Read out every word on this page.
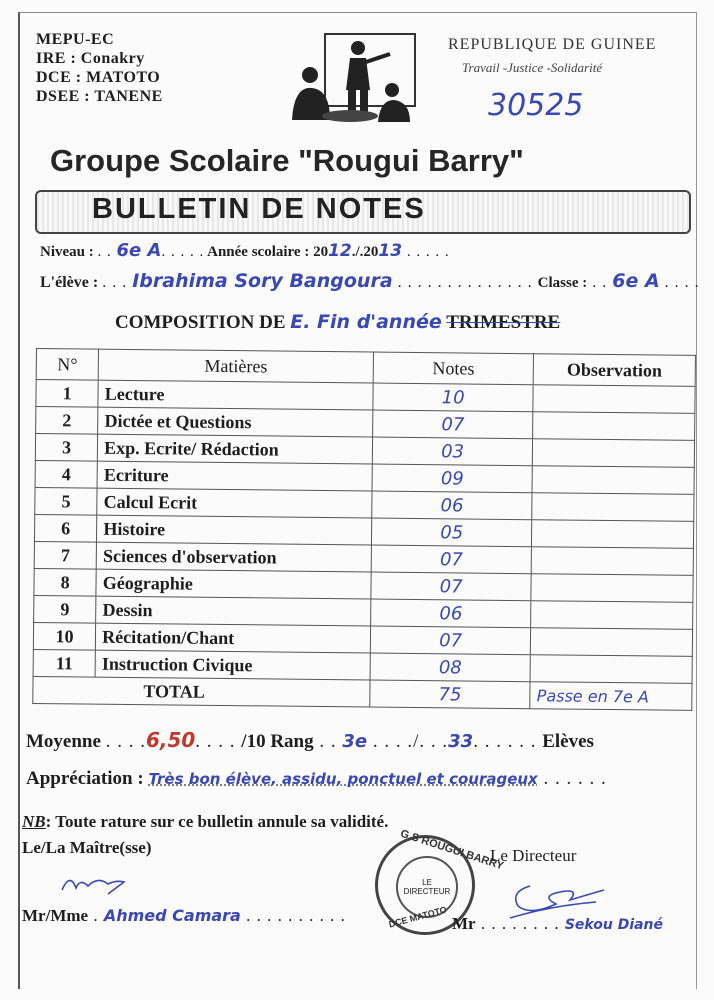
MEPU-EC
IRE : Conakry
DCE : MATOTO
DSEE : TANENE
REPUBLIQUE DE GUINEE
Travail -Justice -Solidarité
30525
Groupe Scolaire "Rougui Barry"
BULLETIN DE NOTES
Niveau : . . 6e A. . . . . Année scolaire : 2012./.2013 . . . . .
L'élève : . . . Ibrahima Sory Bangoura . . . . . . . . . . . . . . Classe : . . 6e A . . . .
COMPOSITION DE E. Fin d'année TRIMESTRE
N°	Matières	Notes	Observation
1	Lecture	10	
2	Dictée et Questions	07	
3	Exp. Ecrite/ Rédaction	03	
4	Ecriture	09	
5	Calcul Ecrit	06	
6	Histoire	05	
7	Sciences d'observation	07	
8	Géographie	07	
9	Dessin	06	
10	Récitation/Chant	07	
11	Instruction Civique	08	
TOTAL		75	Passe en 7e A
Moyenne . . . .6,50. . . . /10 Rang . . 3e . . . ./. . .33. . . . . . Elèves
Appréciation : Très bon élève, assidu, ponctuel et courageux . . . . . .
NB: Toute rature sur ce bulletin annule sa validité.
Le/La Maître(sse)	Le Directeur
G.S ROUGUI BARRY
LE DIRECTEUR
DCE MATOTO
Mr/Mme . Ahmed Camara . . . . . . . . . .	Mr . . . . . . . . Sekou Diané
